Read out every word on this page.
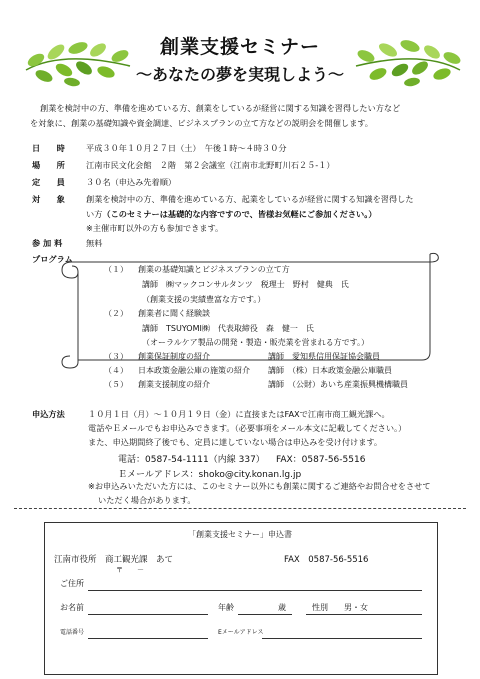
創業支援セミナー
～あなたの夢を実現しよう～
創業を検討中の方、準備を進めている方、創業をしているが経営に関する知識を習得したい方など
を対象に、創業の基礎知識や資金調達、ビジネスプランの立て方などの説明会を開催します。
日　　時	平成３０年１０月２７日（土）　午後１時～４時３０分
場　　所	江南市民文化会館　２階　第２会議室（江南市北野町川石２５-１）
定　　員	３０名（申込み先着順）
対　　象	創業を検討中の方、準備を進めている方、起業をしているが経営に関する知識を習得した
い方（このセミナーは基礎的な内容ですので、皆様お気軽にご参加ください。）
※主催市町以外の方も参加できます。
参 加 料	無料
プログラム
（１） 創業の基礎知識とビジネスプランの立て方
講師　㈱マックコンサルタンツ　税理士　野村　健典　氏
（創業支援の実績豊富な方です。）
（２） 創業者に聞く経験談
講師　TSUYOMI㈱　代表取締役　森　健一　氏
（オーラルケア製品の開発・製造・販売業を営まれる方です。）
（３） 創業保証制度の紹介	講師　愛知県信用保証協会職員
（４） 日本政策金融公庫の施策の紹介 講師　（株）日本政策金融公庫職員
（５） 創業支援制度の紹介	講師　（公財）あいち産業振興機構職員
申込方法	１０月１日（月）～１０月１９日（金）に直接またはFAXで江南市商工観光課へ。
電話やＥメールでもお申込みできます。（必要事項をメール本文に記載してください。）
また、申込期間終了後でも、定員に達していない場合は申込みを受け付けます。
電話：0587-54-1111（内線 337） FAX：0587-56-5516
Ｅメールアドレス：shoko@city.konan.lg.jp
※お申込みいただいた方には、このセミナー以外にも創業に関するご連絡やお問合せをさせて
いただく場合があります。
「創業支援セミナー」申込書
江南市役所　商工観光課　あて	FAX　0587-56-5516
〒　　－
ご住所
お名前	年齢	歳	性別 男・女
電話番号	Eメールアドレス
